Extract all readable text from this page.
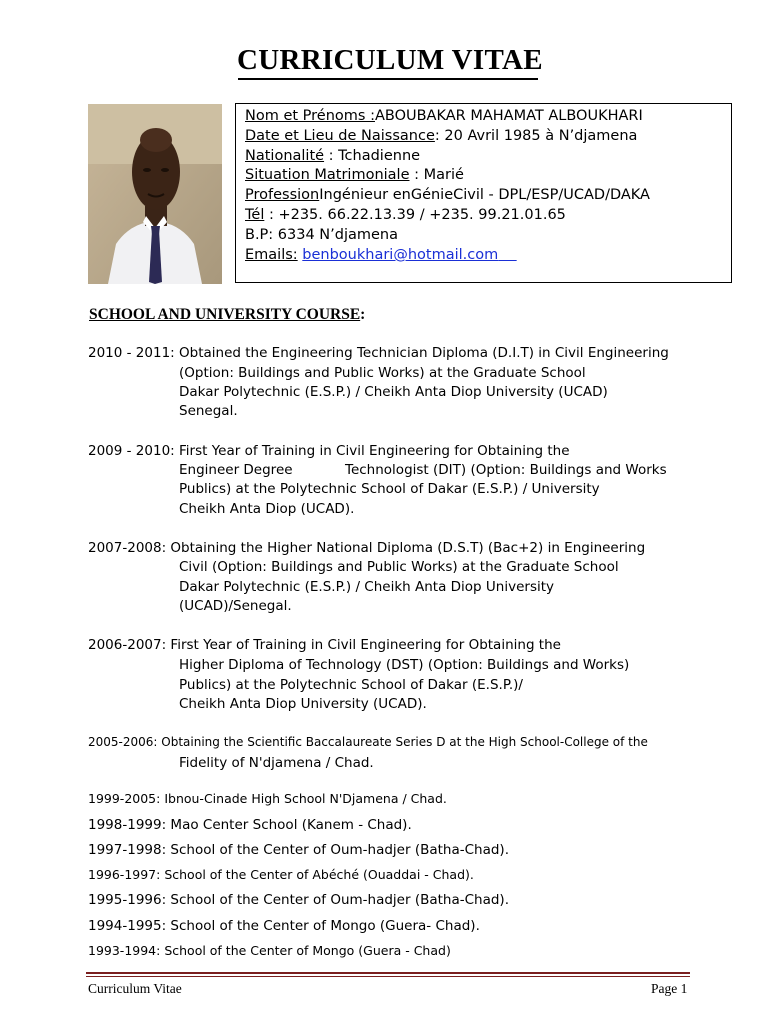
CURRICULUM VITAE
Nom et Prénoms :ABOUBAKAR MAHAMAT ALBOUKHARI
Date et Lieu de Naissance: 20 Avril 1985 à N’djamena
Nationalité : Tchadienne
Situation Matrimoniale : Marié
ProfessionIngénieur enGénieCivil - DPL/ESP/UCAD/DAKA
Tél : +235. 66.22.13.39 / +235. 99.21.01.65
B.P: 6334 N’djamena
Emails: benboukhari@hotmail.com
SCHOOL AND UNIVERSITY COURSE:
2010 - 2011: Obtained the Engineering Technician Diploma (D.I.T) in Civil Engineering
(Option: Buildings and Public Works) at the Graduate School
Dakar Polytechnic (E.S.P.) / Cheikh Anta Diop University (UCAD)
Senegal.
2009 - 2010: First Year of Training in Civil Engineering for Obtaining the
Engineer Degree	Technologist (DIT) (Option: Buildings and Works
Publics) at the Polytechnic School of Dakar (E.S.P.) / University
Cheikh Anta Diop (UCAD).
2007-2008: Obtaining the Higher National Diploma (D.S.T) (Bac+2) in Engineering
Civil (Option: Buildings and Public Works) at the Graduate School
Dakar Polytechnic (E.S.P.) / Cheikh Anta Diop University
(UCAD)/Senegal.
2006-2007: First Year of Training in Civil Engineering for Obtaining the
Higher Diploma of Technology (DST) (Option: Buildings and Works)
Publics) at the Polytechnic School of Dakar (E.S.P.)/
Cheikh Anta Diop University (UCAD).
2005-2006: Obtaining the Scientific Baccalaureate Series D at the High School-College of the
Fidelity of N'djamena / Chad.
1999-2005: Ibnou-Cinade High School N'Djamena / Chad.
1998-1999: Mao Center School (Kanem - Chad).
1997-1998: School of the Center of Oum-hadjer (Batha-Chad).
1996-1997: School of the Center of Abéché (Ouaddai - Chad).
1995-1996: School of the Center of Oum-hadjer (Batha-Chad).
1994-1995: School of the Center of Mongo (Guera- Chad).
1993-1994: School of the Center of Mongo (Guera - Chad)
Curriculum Vitae	Page 1
